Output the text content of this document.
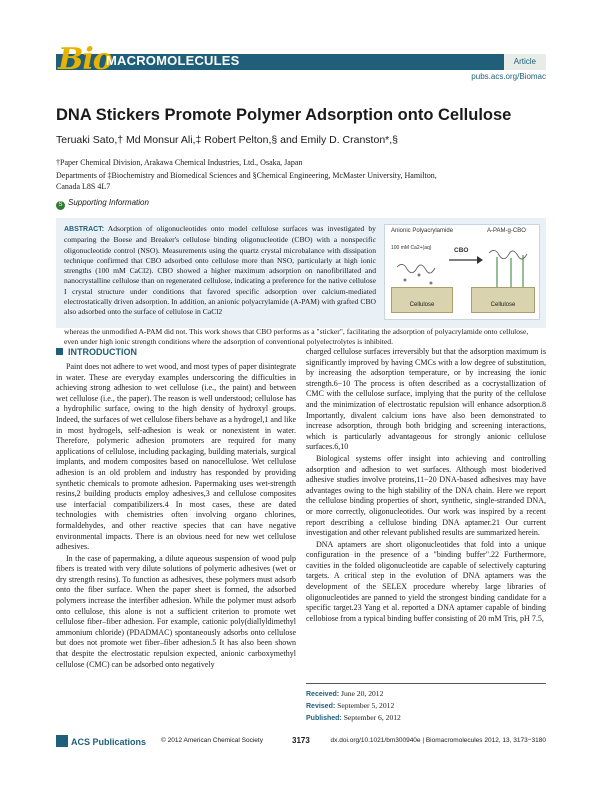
Article
Bio
MACROMOLECULES
pubs.acs.org/Biomac
DNA Stickers Promote Polymer Adsorption onto Cellulose
Teruaki Sato,† Md Monsur Ali,‡ Robert Pelton,§ and Emily D. Cranston*,§
†Paper Chemical Division, Arakawa Chemical Industries, Ltd., Osaka, Japan
Departments of ‡Biochemistry and Biomedical Sciences and §Chemical Engineering, McMaster University, Hamilton,
Canada L8S 4L7
S Supporting Information
ABSTRACT: Adsorption of oligonucleotides onto model cellulose surfaces was investigated by comparing the Boese and Breaker's cellulose binding oligonucleotide (CBO) with a nonspecific oligonucleotide control (NSO). Measurements using the quartz crystal microbalance with dissipation technique confirmed that CBO adsorbed onto cellulose more than NSO, particularly at high ionic strengths (100 mM CaCl2). CBO showed a higher maximum adsorption on nanofibrillated and nanocrystalline cellulose than on regenerated cellulose, indicating a preference for the native cellulose I crystal structure under conditions that favored specific adsorption over calcium-mediated electrostatically driven adsorption. In addition, an anionic polyacrylamide (A-PAM) with grafted CBO also adsorbed onto the surface of cellulose in CaCl2
whereas the unmodified A-PAM did not. This work shows that CBO performs as a "sticker", facilitating the adsorption of polyacrylamide onto cellulose, even under high ionic strength conditions where the adsorption of conventional polyelectrolytes is inhibited.
Anionic Polyacrylamide
100 mM Ca2+(aq)	CBO
A-PAM-g-CBO
Cellulose	Cellulose
INTRODUCTION

Paint does not adhere to wet wood, and most types of paper disintegrate in water. These are everyday examples underscoring the difficulties in achieving strong adhesion to wet cellulose (i.e., the paint) and between wet cellulose (i.e., the paper). The reason is well understood; cellulose has a hydrophilic surface, owing to the high density of hydroxyl groups. Indeed, the surfaces of wet cellulose fibers behave as a hydrogel,1 and like in most hydrogels, self-adhesion is weak or nonexistent in water. Therefore, polymeric adhesion promoters are required for many applications of cellulose, including packaging, building materials, surgical implants, and modern composites based on nanocellulose. Wet cellulose adhesion is an old problem and industry has responded by providing synthetic chemicals to promote adhesion. Papermaking uses wet-strength resins,2 building products employ adhesives,3 and cellulose composites use interfacial compatibilizers.4 In most cases, these are dated technologies with chemistries often involving organo chlorines, formaldehydes, and other reactive species that can have negative environmental impacts. There is an obvious need for new wet cellulose adhesives.

In the case of papermaking, a dilute aqueous suspension of wood pulp fibers is treated with very dilute solutions of polymeric adhesives (wet or dry strength resins). To function as adhesives, these polymers must adsorb onto the fiber surface. When the paper sheet is formed, the adsorbed polymers increase the interfiber adhesion. While the polymer must adsorb onto cellulose, this alone is not a sufficient criterion to promote wet cellulose fiber–fiber adhesion. For example, cationic poly(diallyldimethyl ammonium chloride) (PDADMAC) spontaneously adsorbs onto cellulose but does not promote wet fiber–fiber adhesion.5 It has also been shown that despite the electrostatic repulsion expected, anionic carboxymethyl cellulose (CMC) can be adsorbed onto negatively

charged cellulose surfaces irreversibly but that the adsorption maximum is significantly improved by having CMCs with a low degree of substitution, by increasing the adsorption temperature, or by increasing the ionic strength.6−10 The process is often described as a cocrystallization of CMC with the cellulose surface, implying that the purity of the cellulose and the minimization of electrostatic repulsion will enhance adsorption.8 Importantly, divalent calcium ions have also been demonstrated to increase adsorption, through both bridging and screening interactions, which is particularly advantageous for strongly anionic cellulose surfaces.6,10

Biological systems offer insight into achieving and controlling adsorption and adhesion to wet surfaces. Although most bioderived adhesive studies involve proteins,11−20 DNA-based adhesives may have advantages owing to the high stability of the DNA chain. Here we report the cellulose binding properties of short, synthetic, single-stranded DNA, or more correctly, oligonucleotides. Our work was inspired by a recent report describing a cellulose binding DNA aptamer.21 Our current investigation and other relevant published results are summarized herein.

DNA aptamers are short oligonucleotides that fold into a unique configuration in the presence of a "binding buffer".22 Furthermore, cavities in the folded oligonucleotide are capable of selectively capturing targets. A critical step in the evolution of DNA aptamers was the development of the SELEX procedure whereby large libraries of oligonucleotides are panned to yield the strongest binding candidate for a specific target.23 Yang et al. reported a DNA aptamer capable of binding cellobiose from a typical binding buffer consisting of 20 mM Tris, pH 7.5,

Received: June 20, 2012
Revised: September 5, 2012
Published: September 6, 2012
ACS Publications © 2012 American Chemical Society	3173	dx.doi.org/10.1021/bm300940e | Biomacromolecules 2012, 13, 3173−3180
